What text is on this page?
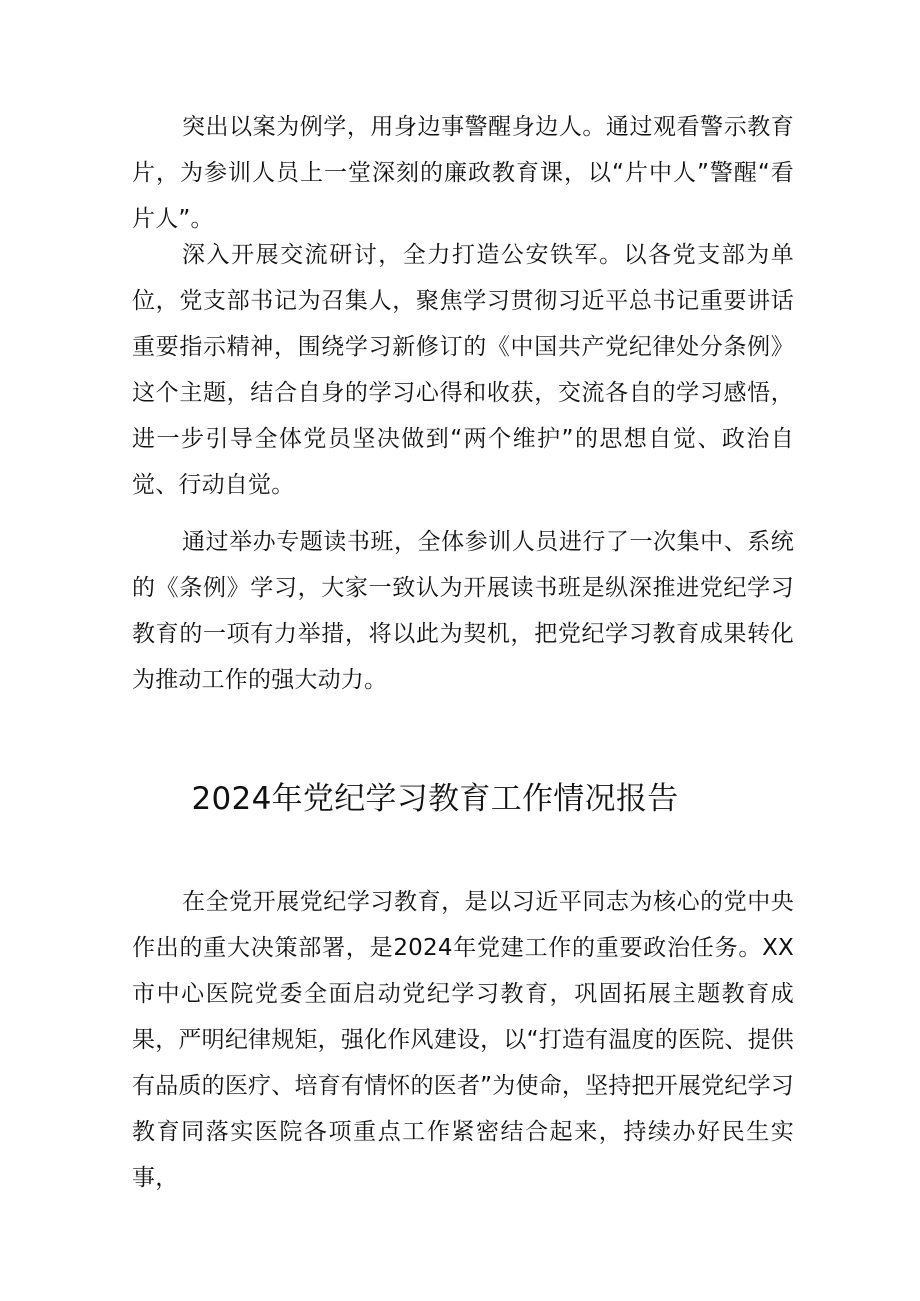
突出以案为例学，用身边事警醒身边人。通过观看警示教育片，为参训人员上一堂深刻的廉政教育课，以“片中人”警醒“看片人”。

深入开展交流研讨，全力打造公安铁军。以各党支部为单位，党支部书记为召集人，聚焦学习贯彻习近平总书记重要讲话重要指示精神，围绕学习新修订的《中国共产党纪律处分条例》这个主题，结合自身的学习心得和收获，交流各自的学习感悟，进一步引导全体党员坚决做到“两个维护”的思想自觉、政治自觉、行动自觉。

通过举办专题读书班，全体参训人员进行了一次集中、系统的《条例》学习，大家一致认为开展读书班是纵深推进党纪学习教育的一项有力举措，将以此为契机，把党纪学习教育成果转化为推动工作的强大动力。

2024年党纪学习教育工作情况报告

在全党开展党纪学习教育，是以习近平同志为核心的党中央作出的重大决策部署，是2024年党建工作的重要政治任务。XX市中心医院党委全面启动党纪学习教育，巩固拓展主题教育成果，严明纪律规矩，强化作风建设，以“打造有温度的医院、提供有品质的医疗、培育有情怀的医者”为使命，坚持把开展党纪学习教育同落实医院各项重点工作紧密结合起来，持续办好民生实事，
